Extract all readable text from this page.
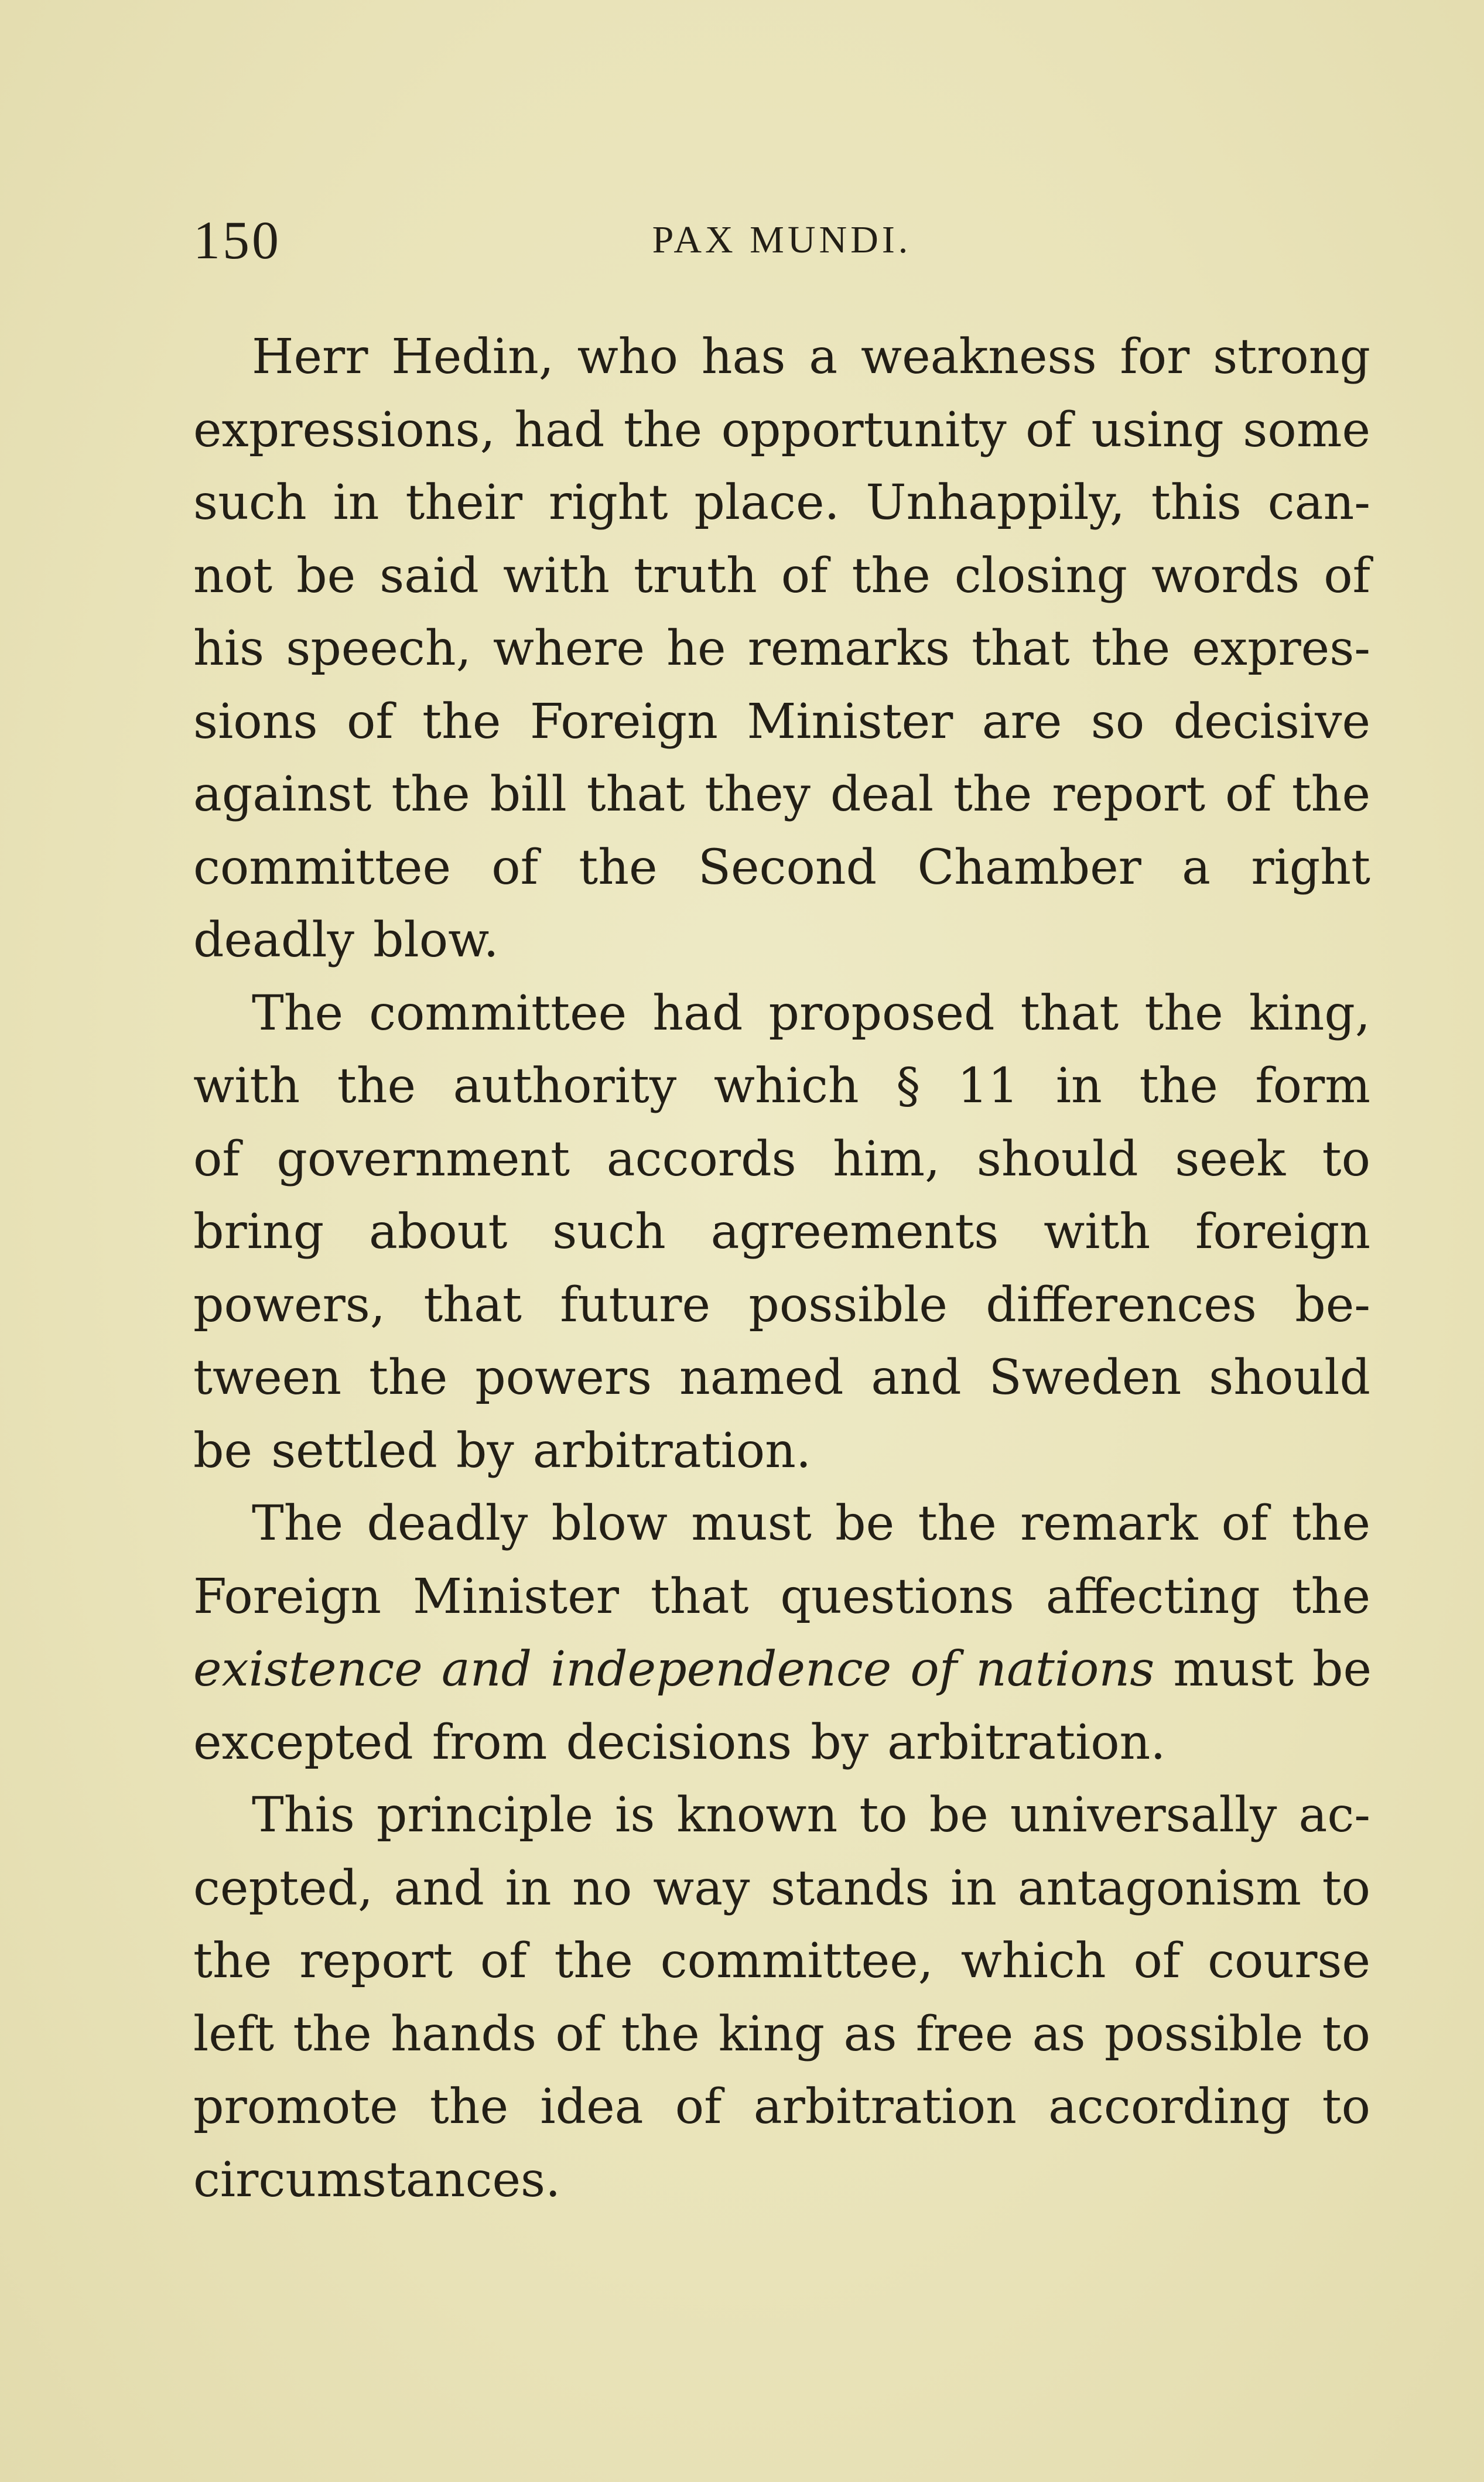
150	PAX MUNDI.

Herr Hedin, who has a weakness for strong
expressions, had the opportunity of using some
such in their right place. Unhappily, this can-
not be said with truth of the closing words of
his speech, where he remarks that the expres-
sions of the Foreign Minister are so decisive
against the bill that they deal the report of the
committee of the Second Chamber a right
deadly blow.

The committee had proposed that the king,
with the authority which § 11 in the form
of government accords him, should seek to
bring about such agreements with foreign
powers, that future possible differences be-
tween the powers named and Sweden should
be settled by arbitration.

The deadly blow must be the remark of the
Foreign Minister that questions affecting the
existence and independence of nations must be
excepted from decisions by arbitration.

This principle is known to be universally ac-
cepted, and in no way stands in antagonism to
the report of the committee, which of course
left the hands of the king as free as possible to
promote the idea of arbitration according to
circumstances.
